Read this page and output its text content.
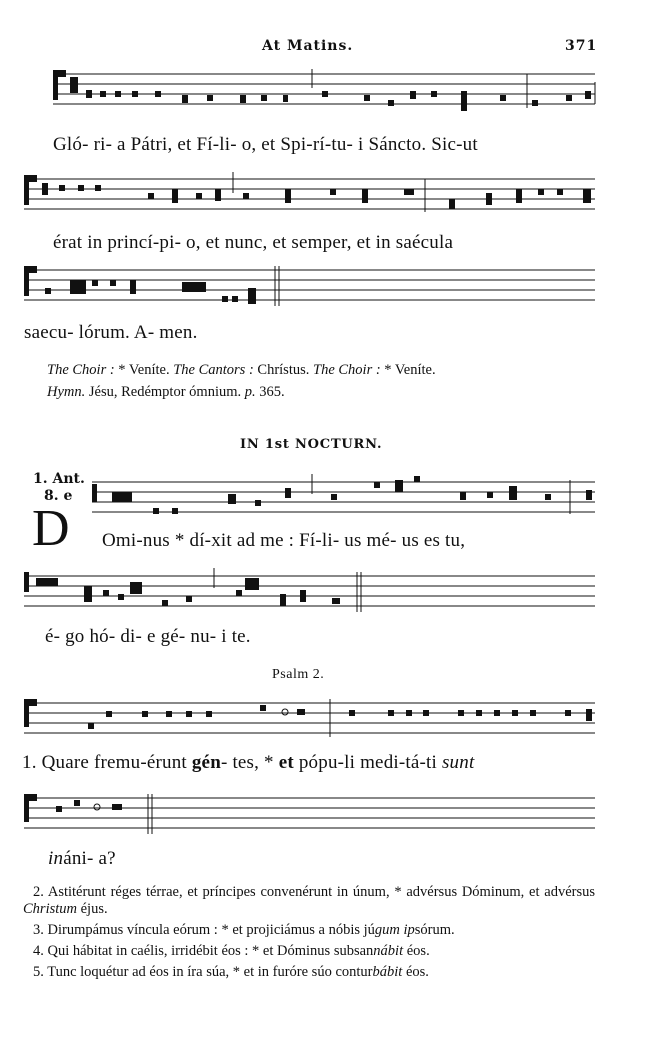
At Matins.	371
Gló- ri- a Pátri, et Fí-li- o, et Spi-rí-tu- i Sáncto. Sic-ut
érat in princí-pi- o, et nunc, et semper, et in saécula
saecu- lórum. A- men.
The Choir : * Veníte. The Cantors : Chrístus. The Choir : * Veníte.
Hymn. Jésu, Redémptor ómnium. p. 365.
IN 1st NOCTURN.
1. Ant.
8. e
D Omi-nus * dí-xit ad me : Fí-li- us mé- us es tu,
é- go hó- di- e gé- nu- i te.
Psalm 2.
1. Quare fremu-érunt gén- tes, * et pópu-li medi-tá-ti sunt
ináni- a?

2. Astitérunt réges térrae, et príncipes convenérunt in únum, * advérsus Dóminum, et advérsus Christum éjus.

3. Dirumpámus víncula eórum : * et projiciámus a nóbis júgum ipsórum.

4. Qui hábitat in caélis, irridébit éos : * et Dóminus subsannábit éos.

5. Tunc loquétur ad éos in íra súa, * et in furóre súo conturbábit éos.
